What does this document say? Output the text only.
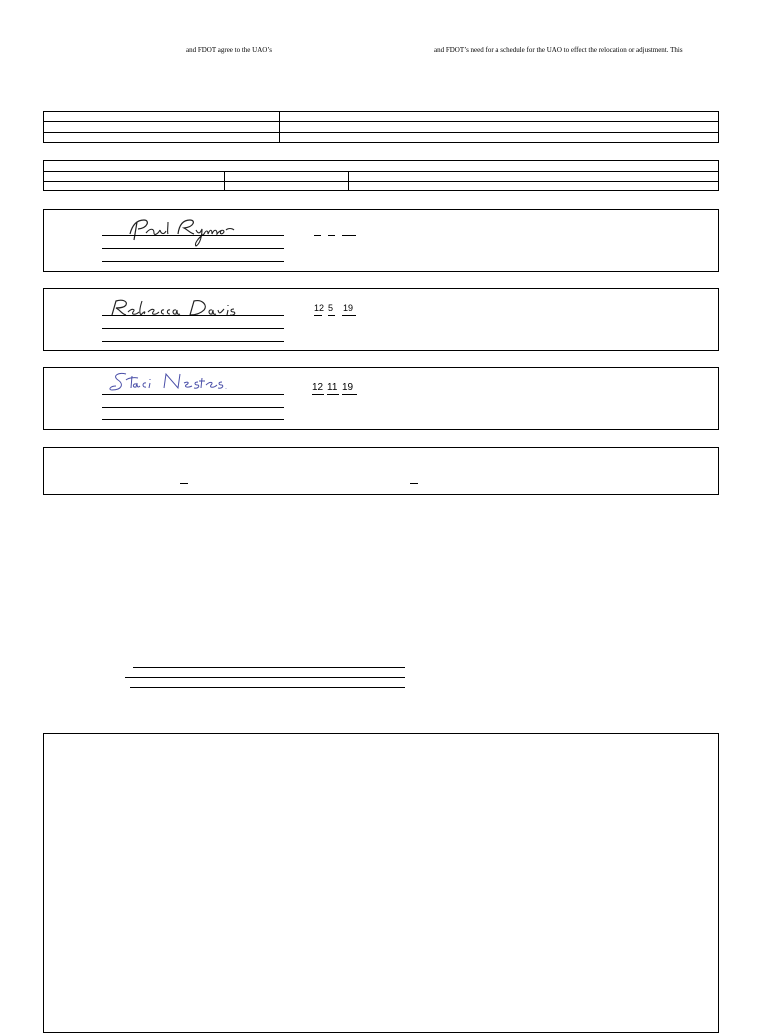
and FDOT agree to the UAO’s	and FDOT’s need for a schedule for the UAO to effect the relocation or adjustment. This
12 5 19
12 11 19
